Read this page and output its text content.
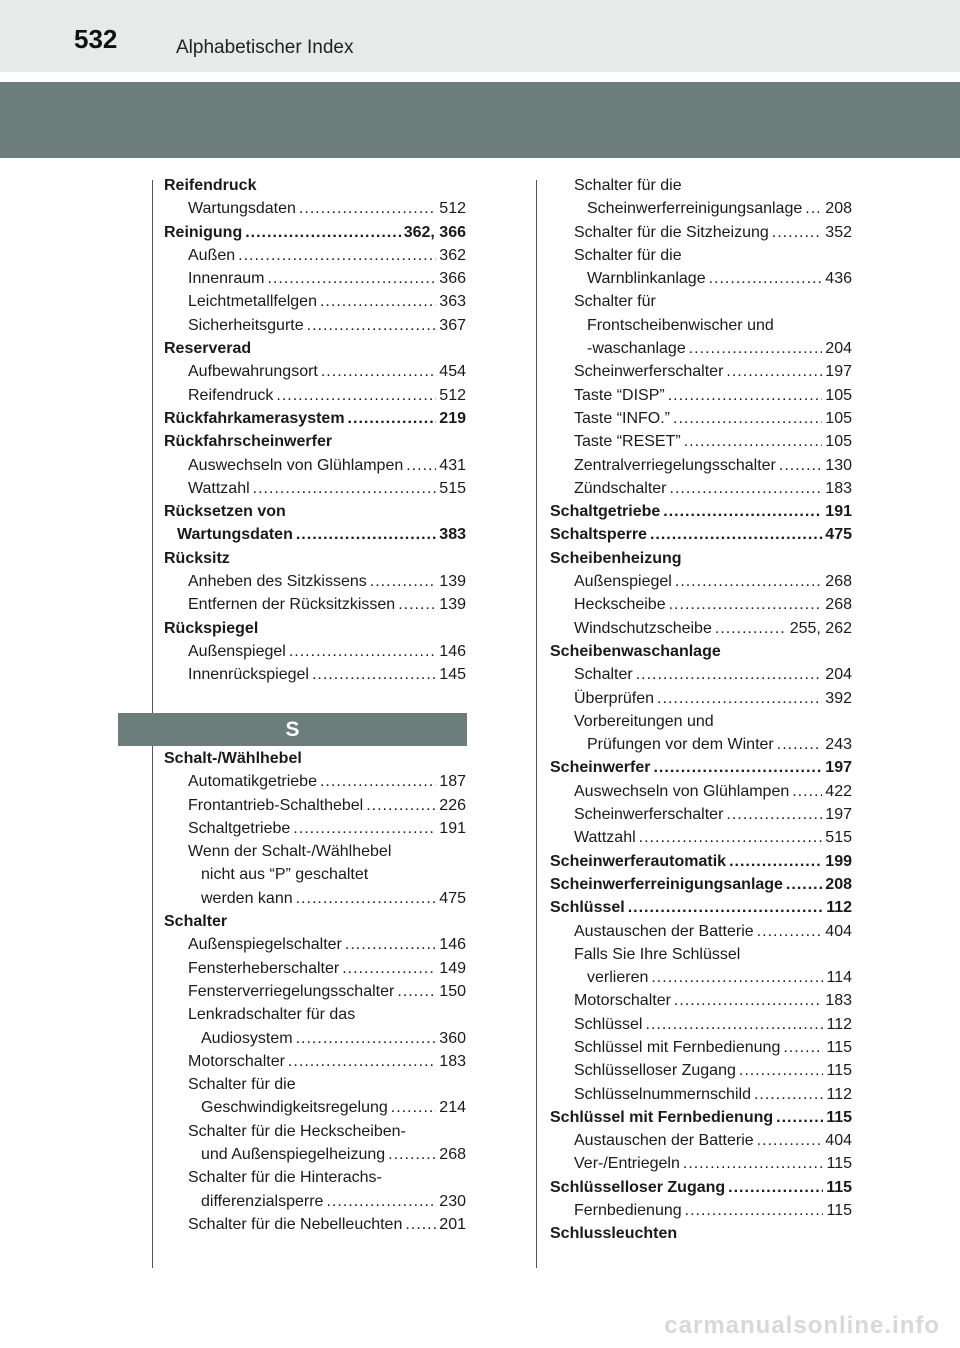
532	Alphabetischer Index
Reifendruck
Wartungsdaten .....	512
Reinigung .....	362, 366
Außen .....	362
Innenraum .....	366
Leichtmetallfelgen .....	363
Sicherheitsgurte .....	367
Reserverad
Aufbewahrungsort .....	454
Reifendruck .....	512
Rückfahrkamerasystem .....	219
Rückfahrscheinwerfer
Auswechseln von Glühlampen ..... 431
Wattzahl .....	515
Rücksetzen von
Wartungsdaten .....	383
Rücksitz
Anheben des Sitzkissens .....	139
Entfernen der Rücksitzkissen .....	139
Rückspiegel
Außenspiegel .....	146
Innenrückspiegel .....	145
S
Schalt-/Wählhebel
Automatikgetriebe .....	187
Frontantrieb-Schalthebel .....	226
Schaltgetriebe .....	191
Wenn der Schalt-/Wählhebel
nicht aus “P” geschaltet
werden kann .....	475
Schalter
Außenspiegelschalter .....	146
Fensterheberschalter .....	149
Fensterverriegelungsschalter .....	150
Lenkradschalter für das
Audiosystem .....	360
Motorschalter .....	183
Schalter für die
Geschwindigkeitsregelung .....	214
Schalter für die Heckscheiben-
und Außenspiegelheizung .....	268
Schalter für die Hinterachs-
differenzialsperre .....	230
Schalter für die Nebelleuchten ..... 201
Schalter für die
Scheinwerferreinigungsanlage ..... 208
Schalter für die Sitzheizung .....	352
Schalter für die
Warnblinkanlage .....	436
Schalter für
Frontscheibenwischer und
-waschanlage .....	204
Scheinwerferschalter .....	197
Taste “DISP” .....	105
Taste “INFO.” .....	105
Taste “RESET” .....	105
Zentralverriegelungsschalter .....	130
Zündschalter .....	183
Schaltgetriebe .....	191
Schaltsperre .....	475
Scheibenheizung
Außenspiegel .....	268
Heckscheibe .....	268
Windschutzscheibe .....	255, 262
Scheibenwaschanlage
Schalter .....	204
Überprüfen .....	392
Vorbereitungen und
Prüfungen vor dem Winter .....	243
Scheinwerfer .....	197
Auswechseln von Glühlampen ..... 422
Scheinwerferschalter .....	197
Wattzahl .....	515
Scheinwerferautomatik .....	199
Scheinwerferreinigungsanlage .....	208
Schlüssel .....	112
Austauschen der Batterie .....	404
Falls Sie Ihre Schlüssel
verlieren .....	114
Motorschalter .....	183
Schlüssel .....	112
Schlüssel mit Fernbedienung .....	115
Schlüsselloser Zugang .....	115
Schlüsselnummernschild .....	112
Schlüssel mit Fernbedienung .....	115
Austauschen der Batterie .....	404
Ver-/Entriegeln .....	115
Schlüsselloser Zugang .....	115
Fernbedienung .....	115
Schlussleuchten
carmanualsonline.info
